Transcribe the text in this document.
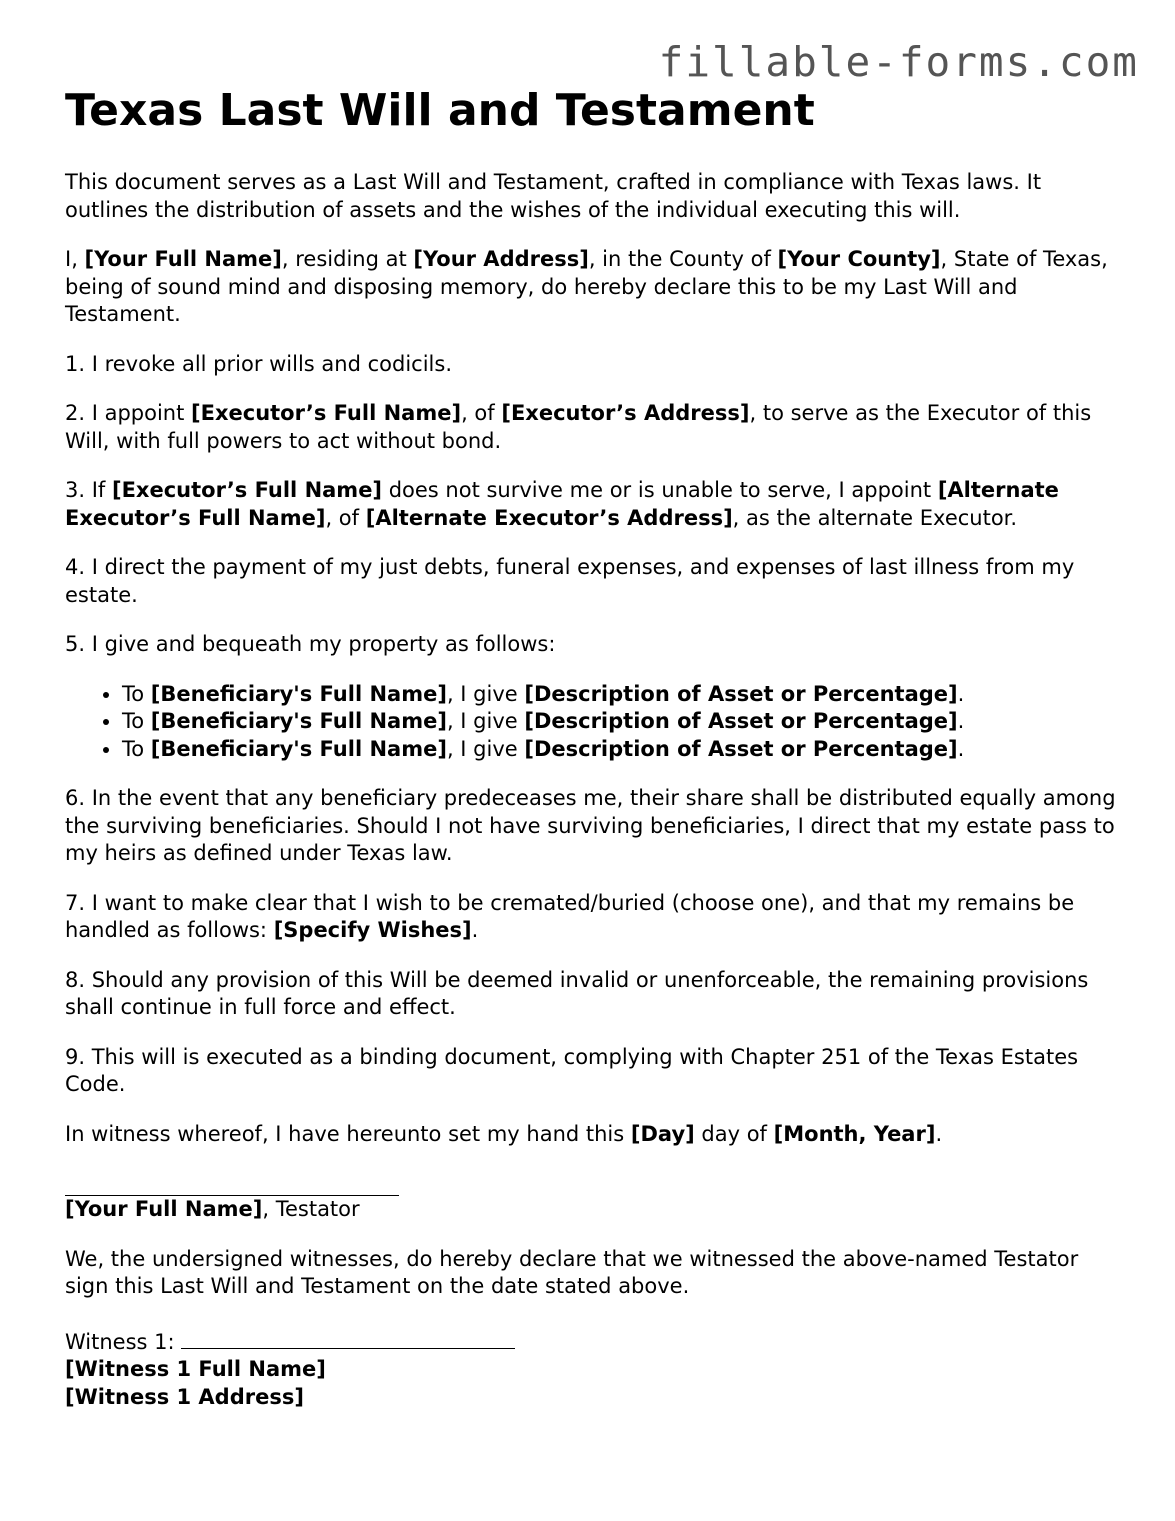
fillable-forms.com
Texas Last Will and Testament

This document serves as a Last Will and Testament, crafted in compliance with Texas laws. It outlines the distribution of assets and the wishes of the individual executing this will.

I, [Your Full Name], residing at [Your Address], in the County of [Your County], State of Texas, being of sound mind and disposing memory, do hereby declare this to be my Last Will and Testament.

1. I revoke all prior wills and codicils.

2. I appoint [Executor’s Full Name], of [Executor’s Address], to serve as the Executor of this Will, with full powers to act without bond.

3. If [Executor’s Full Name] does not survive me or is unable to serve, I appoint [Alternate Executor’s Full Name], of [Alternate Executor’s Address], as the alternate Executor.

4. I direct the payment of my just debts, funeral expenses, and expenses of last illness from my estate.

5. I give and bequeath my property as follows:

• To [Beneficiary's Full Name], I give [Description of Asset or Percentage].
• To [Beneficiary's Full Name], I give [Description of Asset or Percentage].
• To [Beneficiary's Full Name], I give [Description of Asset or Percentage].

6. In the event that any beneficiary predeceases me, their share shall be distributed equally among the surviving beneficiaries. Should I not have surviving beneficiaries, I direct that my estate pass to my heirs as defined under Texas law.

7. I want to make clear that I wish to be cremated/buried (choose one), and that my remains be handled as follows: [Specify Wishes].

8. Should any provision of this Will be deemed invalid or unenforceable, the remaining provisions shall continue in full force and effect.

9. This will is executed as a binding document, complying with Chapter 251 of the Texas Estates Code.

In witness whereof, I have hereunto set my hand this [Day] day of [Month, Year].

[Your Full Name], Testator

We, the undersigned witnesses, do hereby declare that we witnessed the above-named Testator sign this Last Will and Testament on the date stated above.

Witness 1:
[Witness 1 Full Name]
[Witness 1 Address]
